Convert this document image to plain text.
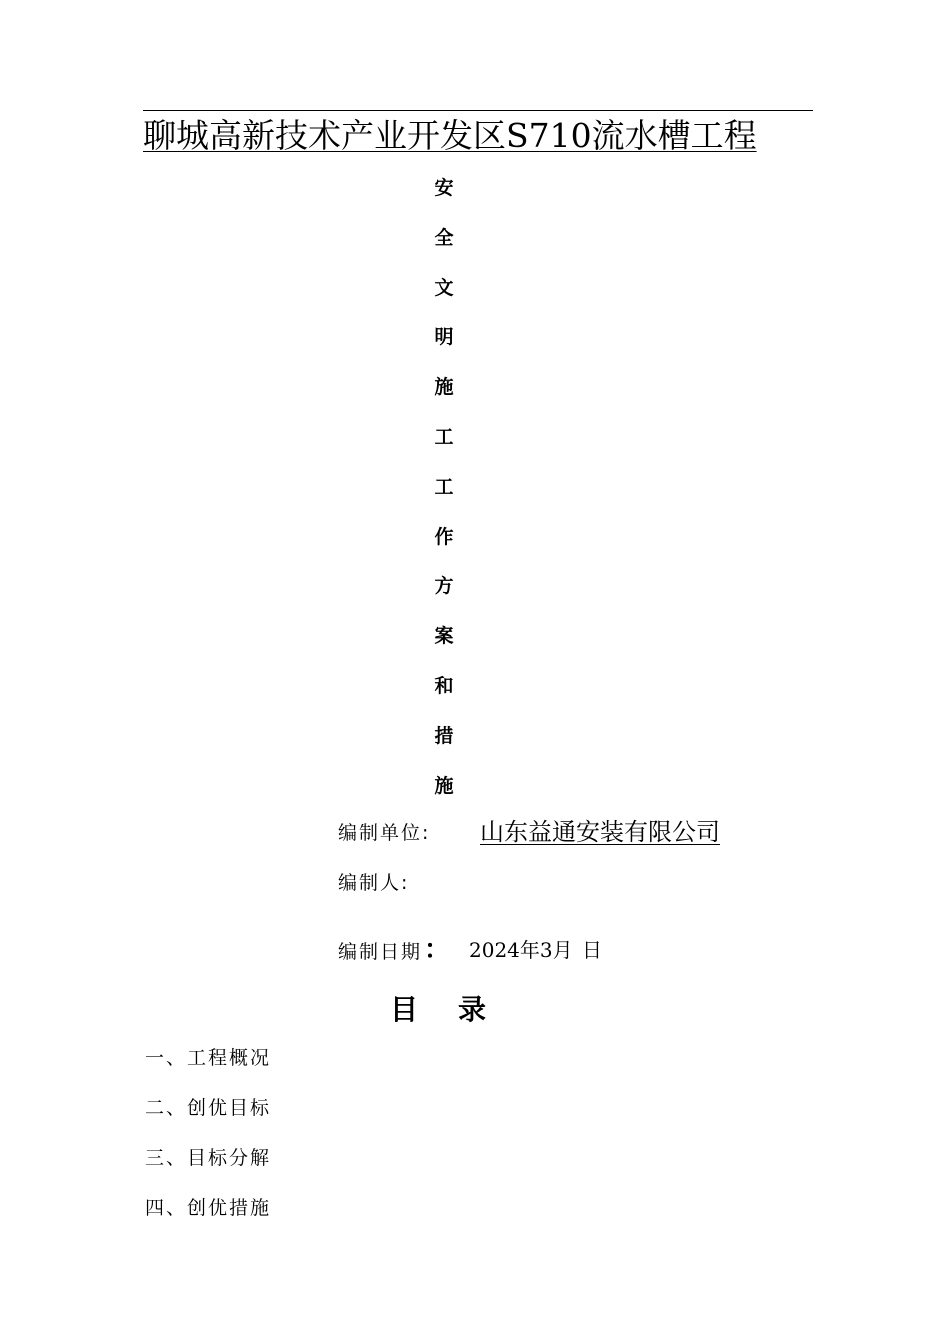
聊城高新技术产业开发区S710流水槽工程
安
全
文
明
施
工
工
作
方
案
和
措
施
编制单位: 山东益通安装有限公司
编制人:
编制日期： 2024年3月 日
目录
一、工程概况
二、创优目标
三、目标分解
四、创优措施
